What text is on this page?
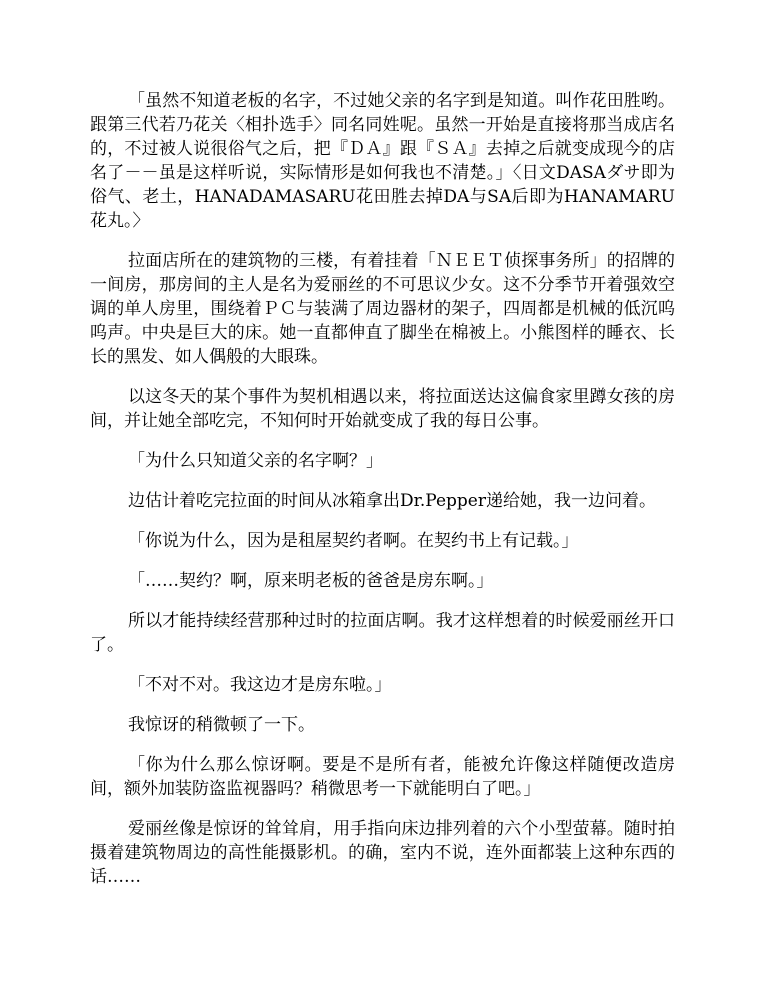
「虽然不知道老板的名字，不过她父亲的名字到是知道。叫作花田胜哟。跟第三代若乃花关〈相扑选手〉同名同姓呢。虽然一开始是直接将那当成店名的，不过被人说很俗气之后，把『ＤＡ』跟『ＳＡ』去掉之后就变成现今的店名了－－虽是这样听说，实际情形是如何我也不清楚。」〈日文DASAダサ即为俗气、老土，HANADAMASARU花田胜去掉DA与SA后即为HANAMARU花丸。〉

拉面店所在的建筑物的三楼，有着挂着「ＮＥＥＴ侦探事务所」的招牌的一间房，那房间的主人是名为爱丽丝的不可思议少女。这不分季节开着强效空调的单人房里，围绕着ＰＣ与装满了周边器材的架子，四周都是机械的低沉呜呜声。中央是巨大的床。她一直都伸直了脚坐在棉被上。小熊图样的睡衣、长长的黑发、如人偶般的大眼珠。

以这冬天的某个事件为契机相遇以来，将拉面送达这偏食家里蹲女孩的房间，并让她全部吃完，不知何时开始就变成了我的每日公事。

「为什么只知道父亲的名字啊？」

边估计着吃完拉面的时间从冰箱拿出Dr.Pepper递给她，我一边问着。

「你说为什么，因为是租屋契约者啊。在契约书上有记载。」

「……契约？啊，原来明老板的爸爸是房东啊。」

所以才能持续经营那种过时的拉面店啊。我才这样想着的时候爱丽丝开口了。

「不对不对。我这边才是房东啦。」

我惊讶的稍微顿了一下。

「你为什么那么惊讶啊。要是不是所有者，能被允许像这样随便改造房间，额外加装防盗监视器吗？稍微思考一下就能明白了吧。」

爱丽丝像是惊讶的耸耸肩，用手指向床边排列着的六个小型萤幕。随时拍摄着建筑物周边的高性能摄影机。的确，室内不说，连外面都装上这种东西的话……
